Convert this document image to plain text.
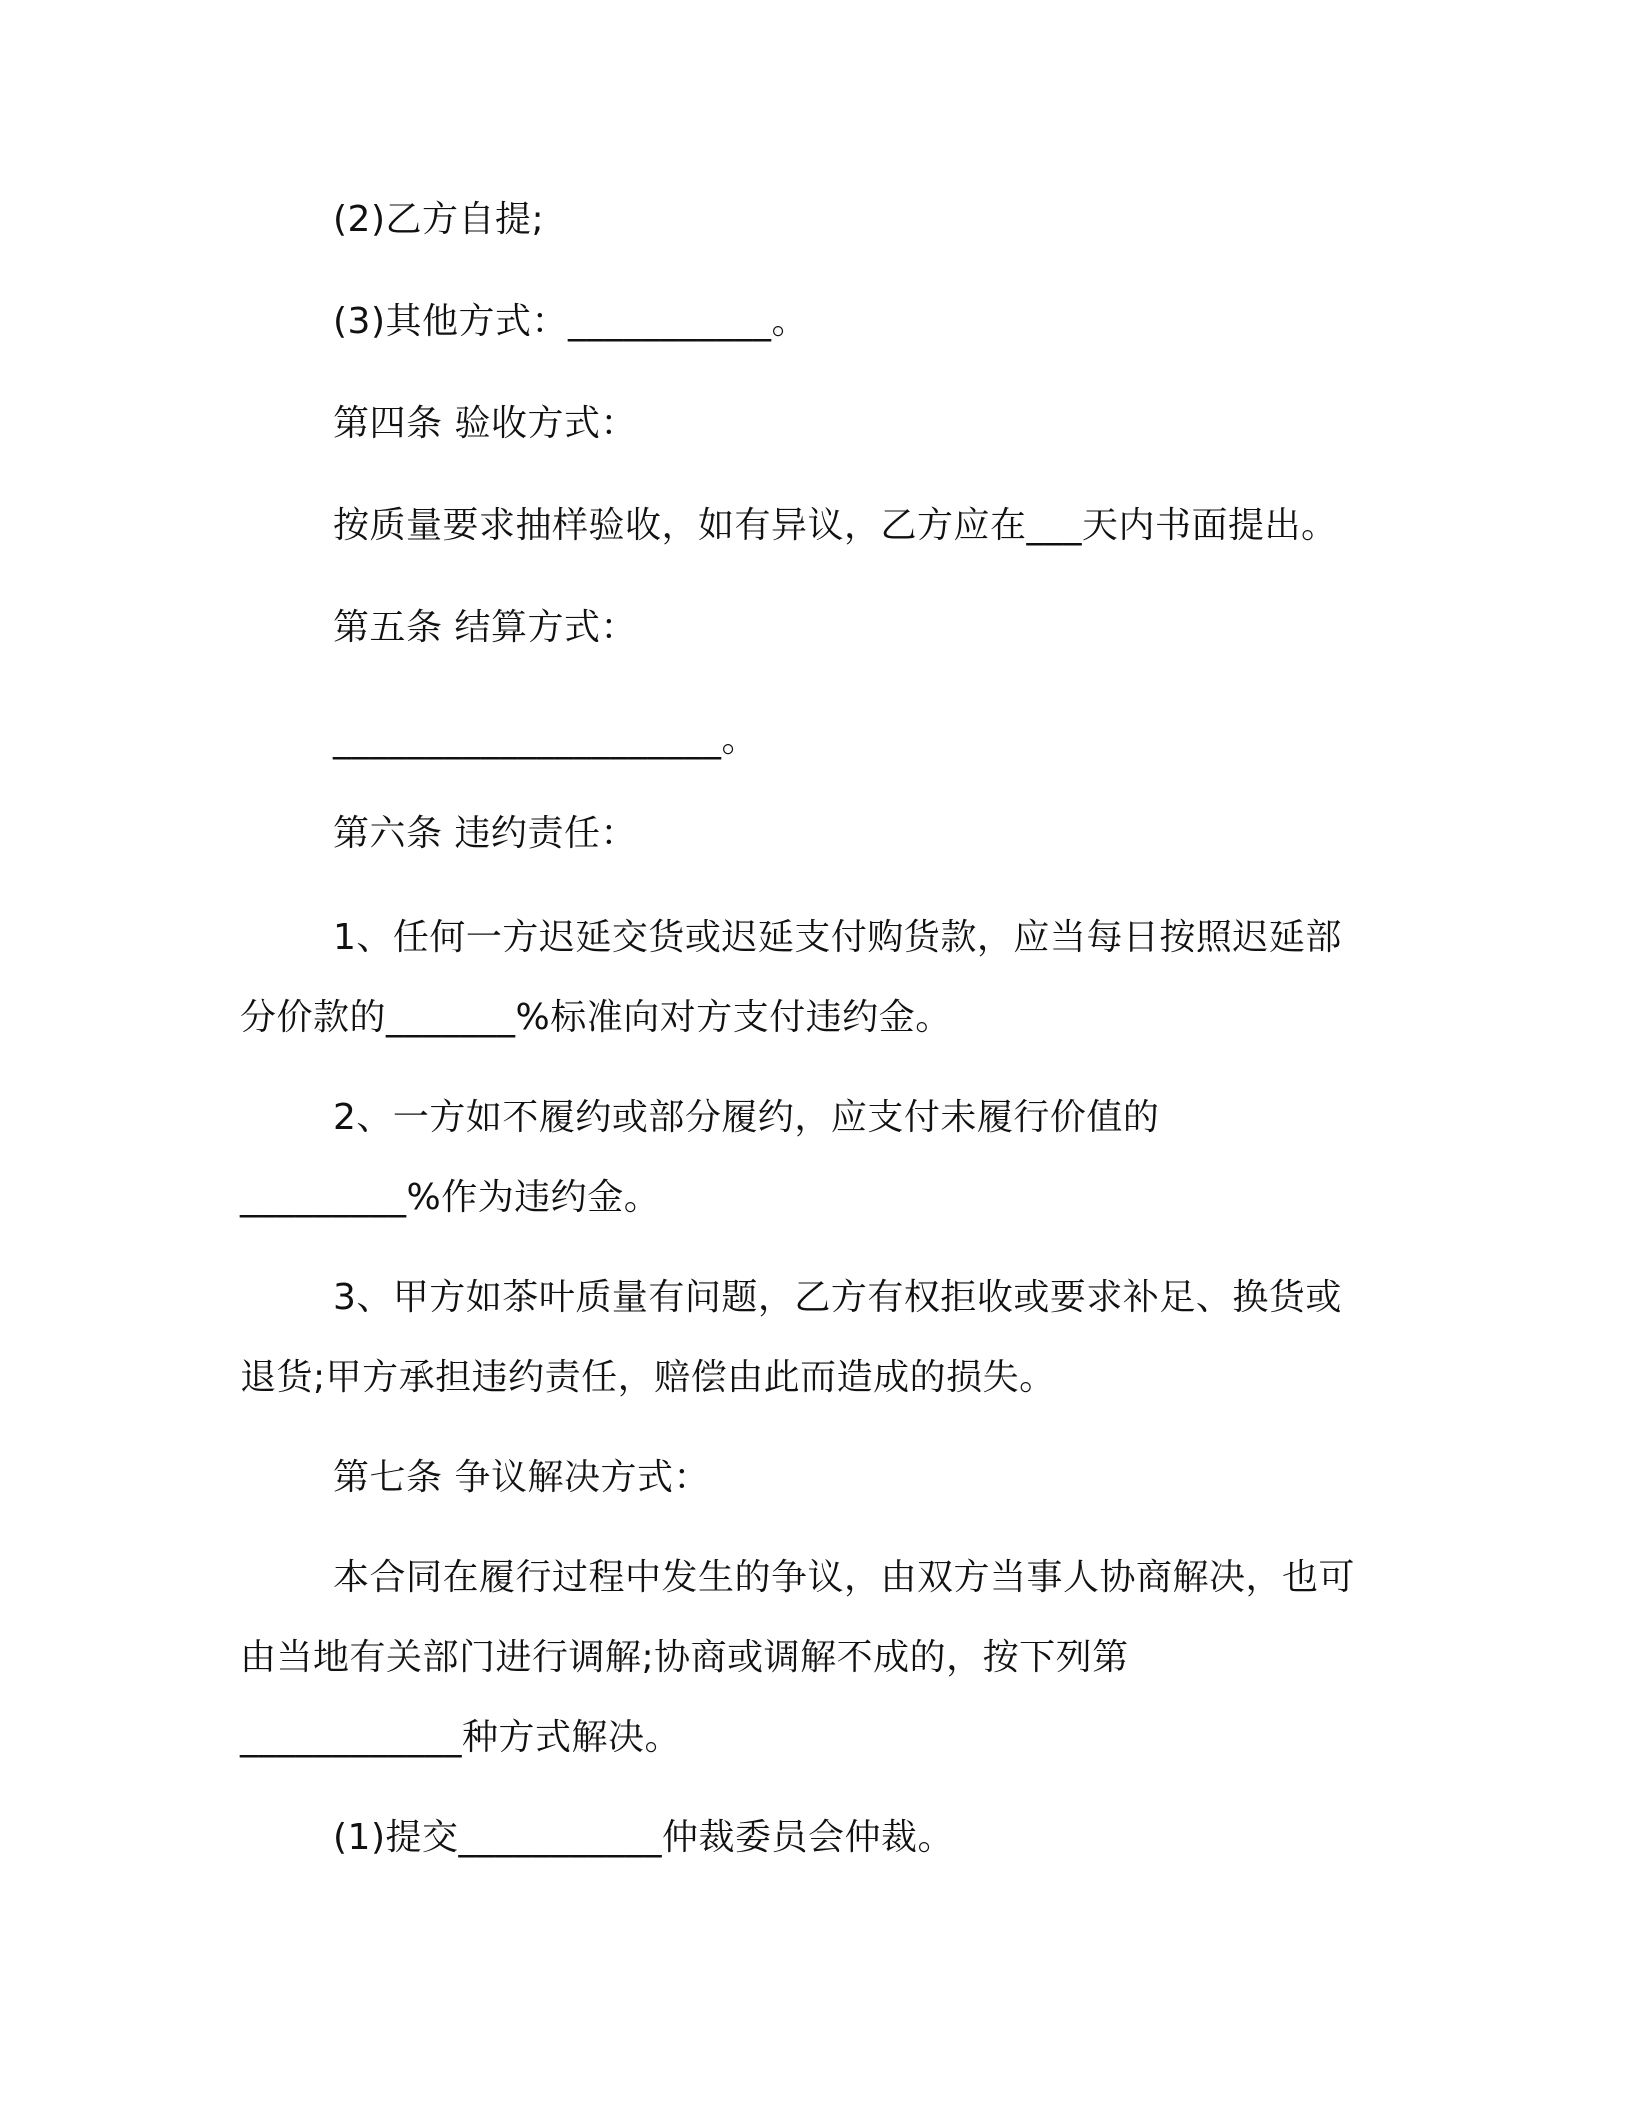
(2)乙方自提;
(3)其他方式：___________。
第四条 验收方式：
按质量要求抽样验收，如有异议，乙方应在___天内书面提出。
第五条 结算方式：
_____________________。
第六条 违约责任：
1、任何一方迟延交货或迟延支付购货款，应当每日按照迟延部
分价款的_______%标准向对方支付违约金。
2、一方如不履约或部分履约，应支付未履行价值的
_________%作为违约金。
3、甲方如茶叶质量有问题，乙方有权拒收或要求补足、换货或
退货;甲方承担违约责任，赔偿由此而造成的损失。
第七条 争议解决方式：
本合同在履行过程中发生的争议，由双方当事人协商解决，也可
由当地有关部门进行调解;协商或调解不成的，按下列第
____________种方式解决。
(1)提交___________仲裁委员会仲裁。
